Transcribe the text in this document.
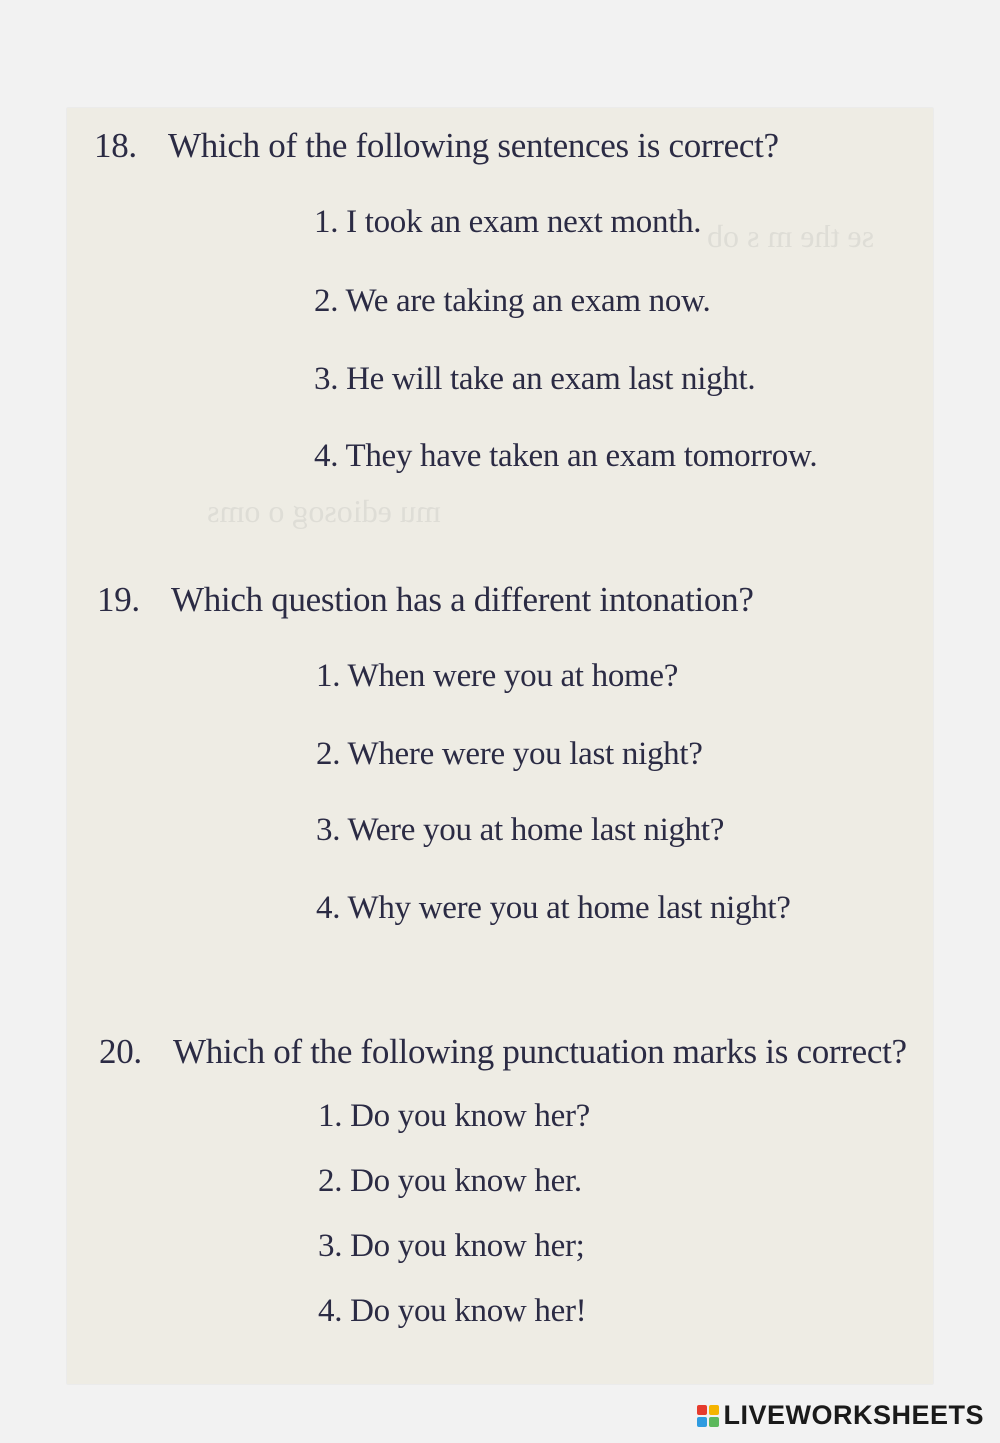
se the m s ob
mu ediosog o oms
18. Which of the following sentences is correct?
1. I took an exam next month.
2. We are taking an exam now.
3. He will take an exam last night.
4. They have taken an exam tomorrow.
19. Which question has a different intonation?
1. When were you at home?
2. Where were you last night?
3. Were you at home last night?
4. Why were you at home last night?
20. Which of the following punctuation marks is correct?
1. Do you know her?
2. Do you know her.
3. Do you know her;
4. Do you know her!
LIVEWORKSHEETS
